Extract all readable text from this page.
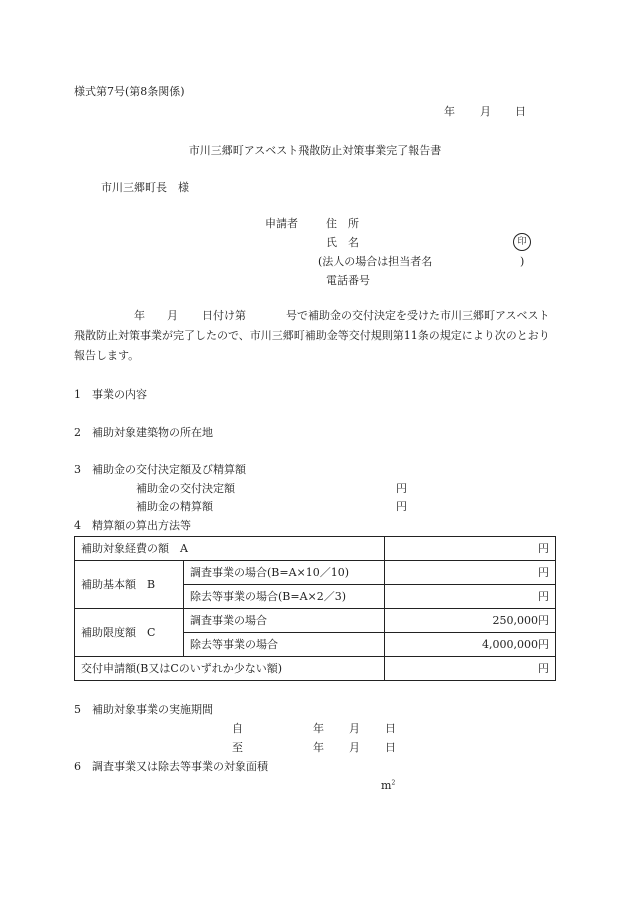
様式第7号(第8条関係)
年 月 日
市川三郷町アスベスト飛散防止対策事業完了報告書
市川三郷町長　様
申請者	住　所
氏　名	印
(法人の場合は担当者名	)
電話番号
年 月 日付け第	号で補助金の交付決定を受けた市川三郷町アスベスト飛散防止対策事業が完了したので、市川三郷町補助金等交付規則第11条の規定により次のとおり報告します。
1　事業の内容
2　補助対象建築物の所在地
3　補助金の交付決定額及び精算額
補助金の交付決定額	円
補助金の精算額	円
4　精算額の算出方法等
補助対象経費の額　A		円
補助基本額　B	調査事業の場合(B=A×10／10)	円
	除去等事業の場合(B=A×2／3)	円
補助限度額　C	調査事業の場合	250,000円
	除去等事業の場合	4,000,000円
交付申請額(B又はCのいずれか少ない額)		円
5　補助対象事業の実施期間
自	年 月 日
至	年 月 日
6　調査事業又は除去等事業の対象面積
$m^2$
